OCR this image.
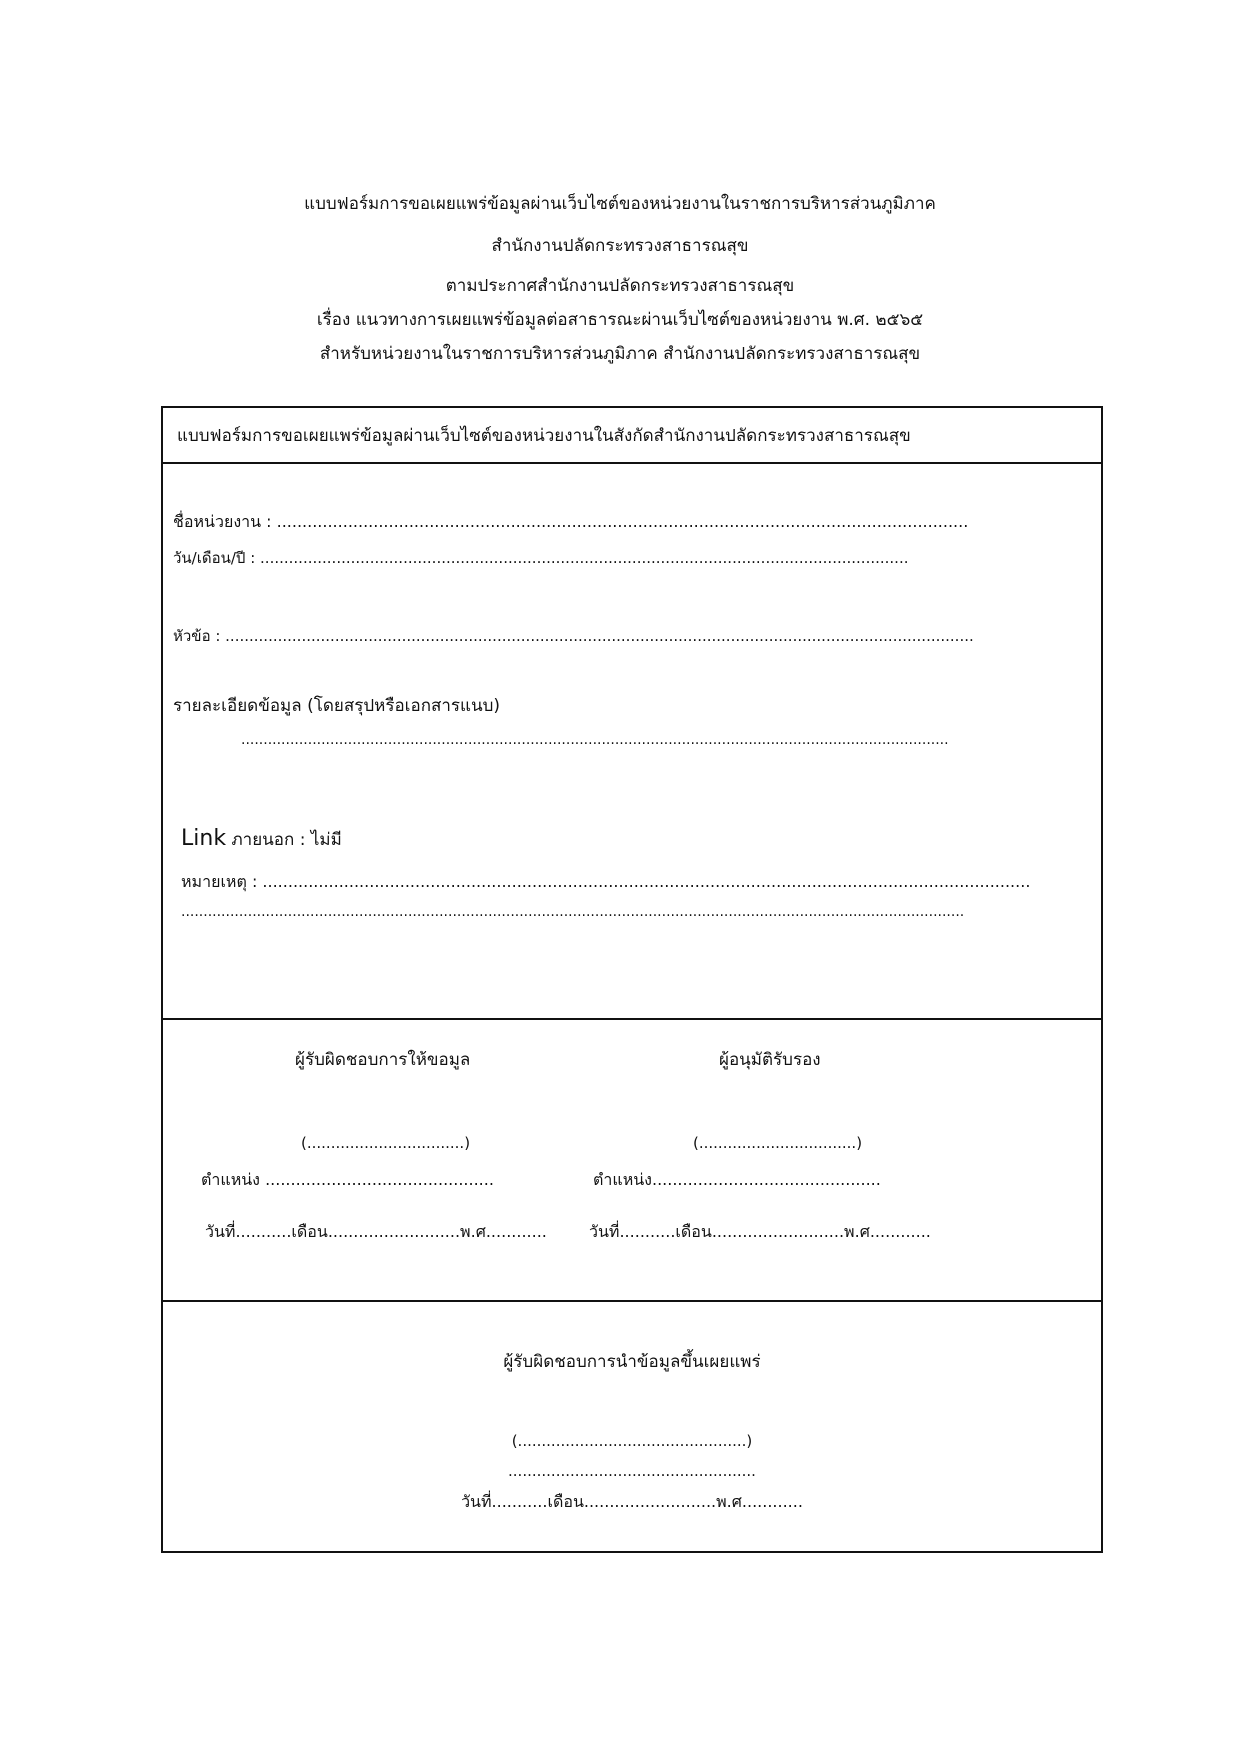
แบบฟอร์มการขอเผยแพร่ข้อมูลผ่านเว็บไซต์ของหน่วยงานในราชการบริหารส่วนภูมิภาค
สำนักงานปลัดกระทรวงสาธารณสุข
ตามประกาศสำนักงานปลัดกระทรวงสาธารณสุข
เรื่อง แนวทางการเผยแพร่ข้อมูลต่อสาธารณะผ่านเว็บไซต์ของหน่วยงาน พ.ศ. ๒๕๖๕
สำหรับหน่วยงานในราชการบริหารส่วนภูมิภาค สำนักงานปลัดกระทรวงสาธารณสุข
แบบฟอร์มการขอเผยแพร่ข้อมูลผ่านเว็บไซต์ของหน่วยงานในสังกัดสำนักงานปลัดกระทรวงสาธารณสุข
ชื่อหน่วยงาน : ........................................................................................................................................
วัน/เดือน/ปี : ........................................................................................................................................
หัวข้อ : .............................................................................................................................................................
รายละเอียดข้อมูล (โดยสรุปหรือเอกสารแนบ)
...............................................................................................................................................................
Link ภายนอก : ไม่มี
หมายเหตุ : .......................................................................................................................................................
................................................................................................................................................................................
ผู้รับผิดชอบการให้ขอมูล	ผู้อนุมัติรับรอง
(.................................)	(.................................)
ตำแหน่ง .............................................	ตำแหน่ง.............................................
วันที่...........เดือน..........................พ.ศ............	วันที่...........เดือน..........................พ.ศ............
ผู้รับผิดชอบการนำข้อมูลขึ้นเผยแพร่
(................................................)
....................................................
วันที่...........เดือน..........................พ.ศ............
